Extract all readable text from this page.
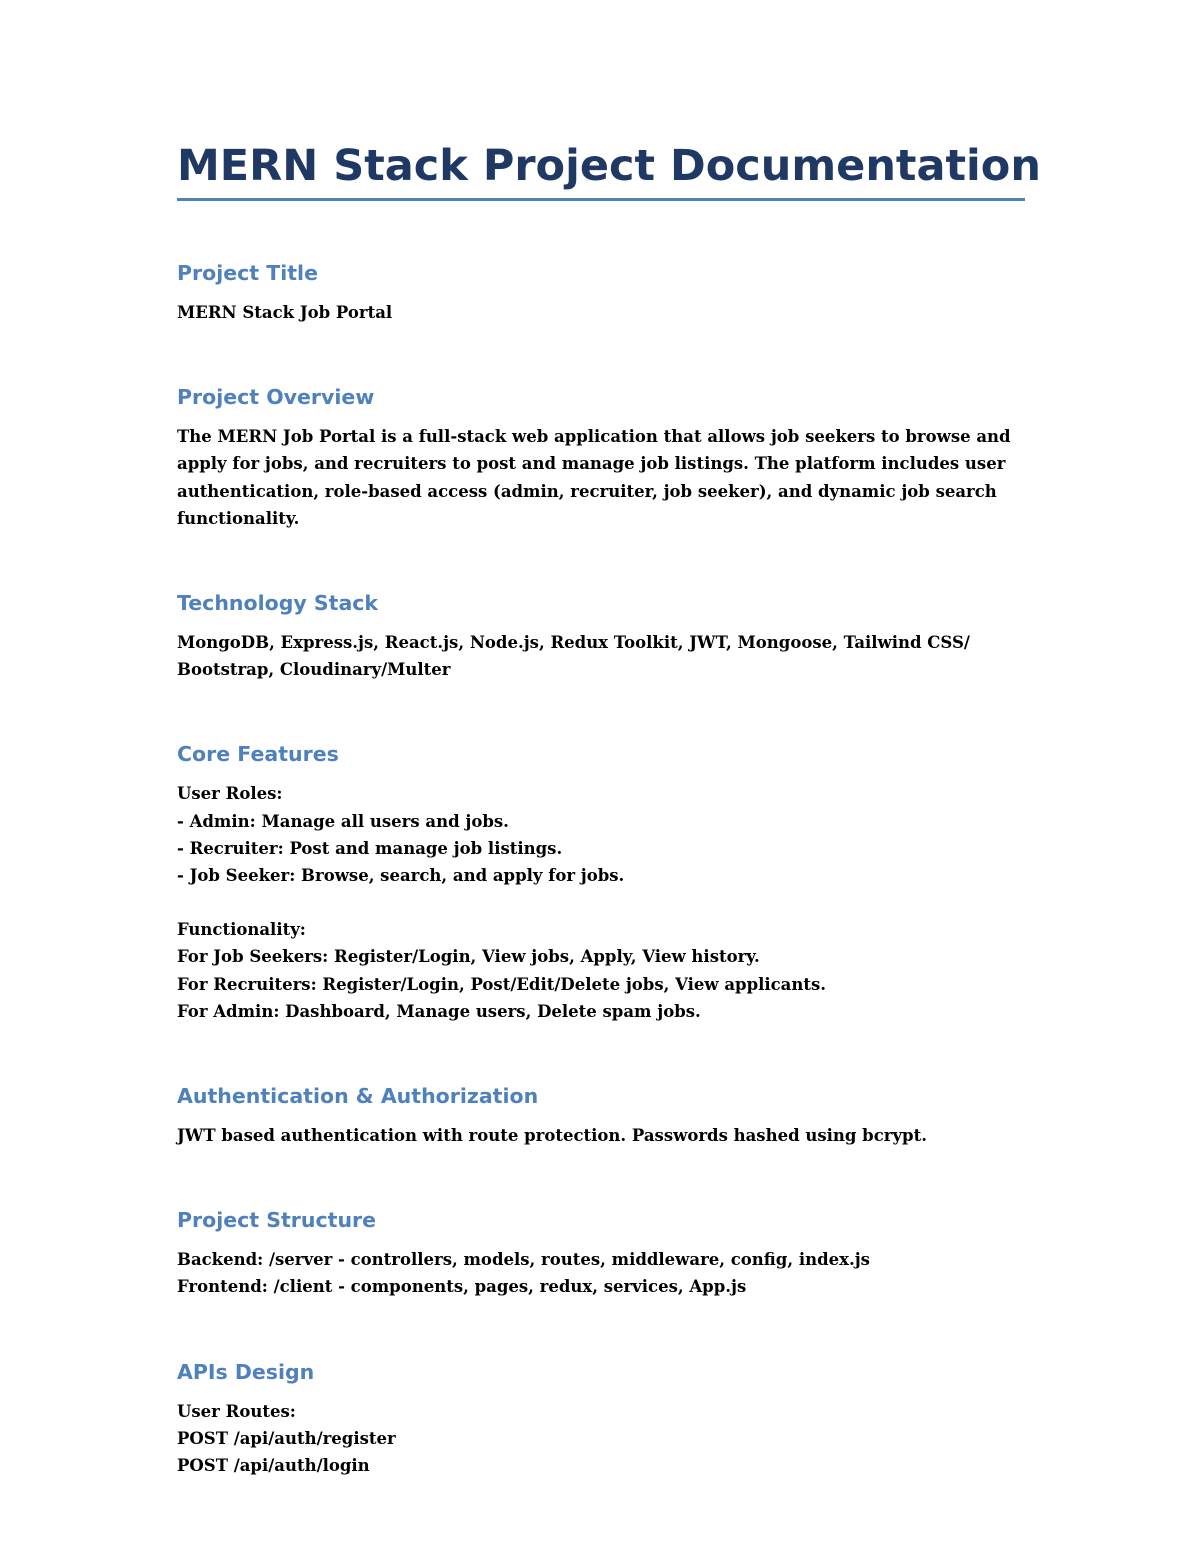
MERN Stack Project Documentation
Project Title

MERN Stack Job Portal

Project Overview

The MERN Job Portal is a full-stack web application that allows job seekers to browse and
apply for jobs, and recruiters to post and manage job listings. The platform includes user
authentication, role-based access (admin, recruiter, job seeker), and dynamic job search
functionality.

Technology Stack

MongoDB, Express.js, React.js, Node.js, Redux Toolkit, JWT, Mongoose, Tailwind CSS/
Bootstrap, Cloudinary/Multer

Core Features

User Roles:
- Admin: Manage all users and jobs.
- Recruiter: Post and manage job listings.
- Job Seeker: Browse, search, and apply for jobs.
Functionality:
For Job Seekers: Register/Login, View jobs, Apply, View history.
For Recruiters: Register/Login, Post/Edit/Delete jobs, View applicants.
For Admin: Dashboard, Manage users, Delete spam jobs.

Authentication & Authorization

JWT based authentication with route protection. Passwords hashed using bcrypt.

Project Structure

Backend: /server - controllers, models, routes, middleware, config, index.js
Frontend: /client - components, pages, redux, services, App.js

APIs Design

User Routes:
POST /api/auth/register
POST /api/auth/login
